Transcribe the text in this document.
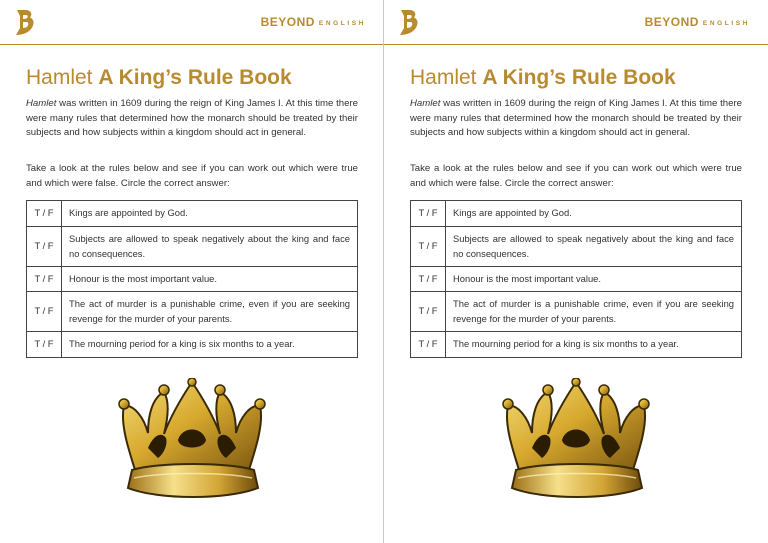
BEYOND ENGLISH
Hamlet A King’s Rule Book

Hamlet was written in 1609 during the reign of King James I. At this time there were many rules that determined how the monarch should be treated by their subjects and how subjects within a kingdom should act in general.

Take a look at the rules below and see if you can work out which were true and which were false. Circle the correct answer:

T / F	Kings are appointed by God.
T / F	Subjects are allowed to speak negatively about the king and face no consequences.
T / F	Honour is the most important value.
T / F	The act of murder is a punishable crime, even if you are seeking revenge for the murder of your parents.
T / F	The mourning period for a king is six months to a year.
BEYOND ENGLISH
Hamlet A King’s Rule Book

Hamlet was written in 1609 during the reign of King James I. At this time there were many rules that determined how the monarch should be treated by their subjects and how subjects within a kingdom should act in general.

Take a look at the rules below and see if you can work out which were true and which were false. Circle the correct answer:

T / F	Kings are appointed by God.
T / F	Subjects are allowed to speak negatively about the king and face no consequences.
T / F	Honour is the most important value.
T / F	The act of murder is a punishable crime, even if you are seeking revenge for the murder of your parents.
T / F	The mourning period for a king is six months to a year.
